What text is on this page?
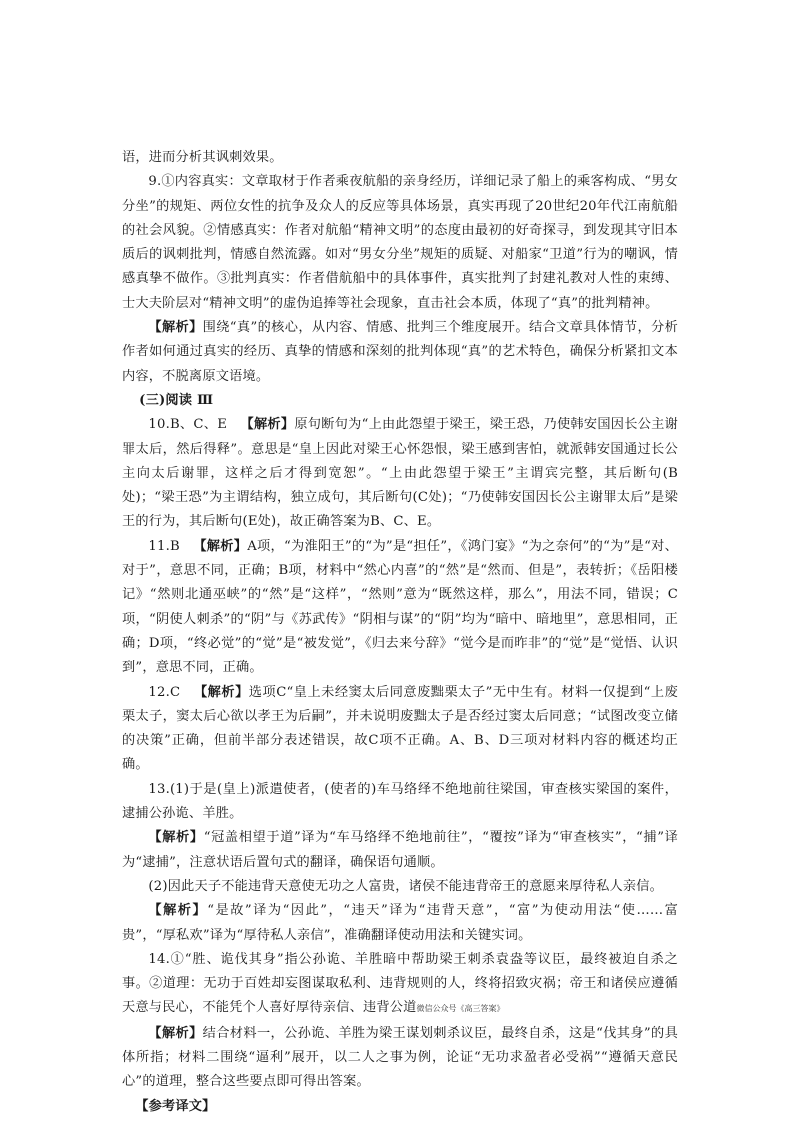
语，进而分析其讽刺效果。

9.①内容真实：文章取材于作者乘夜航船的亲身经历，详细记录了船上的乘客构成、“男女分坐”的规矩、两位女性的抗争及众人的反应等具体场景，真实再现了20世纪20年代江南航船的社会风貌。②情感真实：作者对航船“精神文明”的态度由最初的好奇探寻，到发现其守旧本质后的讽刺批判，情感自然流露。如对“男女分坐”规矩的质疑、对船家“卫道”行为的嘲讽，情感真挚不做作。③批判真实：作者借航船中的具体事件，真实批判了封建礼教对人性的束缚、士大夫阶层对“精神文明”的虚伪追捧等社会现象，直击社会本质，体现了“真”的批判精神。

【解析】围绕“真”的核心，从内容、情感、批判三个维度展开。结合文章具体情节，分析作者如何通过真实的经历、真挚的情感和深刻的批判体现“真”的艺术特色，确保分析紧扣文本内容，不脱离原文语境。

(三)阅读 Ⅲ

10.B、C、E  【解析】原句断句为“上由此怨望于梁王，梁王恐，乃使韩安国因长公主谢罪太后，然后得释”。意思是“皇上因此对梁王心怀怨恨，梁王感到害怕，就派韩安国通过长公主向太后谢罪，这样之后才得到宽恕”。“上由此怨望于梁王”主谓宾完整，其后断句(B处)；“梁王恐”为主谓结构，独立成句，其后断句(C处)；“乃使韩安国因长公主谢罪太后”是梁王的行为，其后断句(E处)，故正确答案为B、C、E。

11.B  【解析】A项，“为淮阳王”的“为”是“担任”，《鸿门宴》“为之奈何”的“为”是“对、对于”，意思不同，正确；B项，材料中“然心内喜”的“然”是“然而、但是”，表转折；《岳阳楼记》“然则北通巫峡”的“然”是“这样”，“然则”意为“既然这样，那么”，用法不同，错误；C项，“阴使人刺杀”的“阴”与《苏武传》“阴相与谋”的“阴”均为“暗中、暗地里”，意思相同，正确；D项，“终必觉”的“觉”是“被发觉”，《归去来兮辞》“觉今是而昨非”的“觉”是“觉悟、认识到”，意思不同，正确。

12.C  【解析】选项C“皇上未经窦太后同意废黜栗太子”无中生有。材料一仅提到“上废栗太子，窦太后心欲以孝王为后嗣”，并未说明废黜太子是否经过窦太后同意；“试图改变立储的决策”正确，但前半部分表述错误，故C项不正确。A、B、D三项对材料内容的概述均正确。

13.(1)于是(皇上)派遣使者，(使者的)车马络绎不绝地前往梁国，审查核实梁国的案件，逮捕公孙诡、羊胜。

【解析】“冠盖相望于道”译为“车马络绎不绝地前往”，“覆按”译为“审查核实”，“捕”译为“逮捕”，注意状语后置句式的翻译，确保语句通顺。

(2)因此天子不能违背天意使无功之人富贵，诸侯不能违背帝王的意愿来厚待私人亲信。

【解析】“是故”译为“因此”，“违天”译为“违背天意”，“富”为使动用法“使……富贵”，“厚私欢”译为“厚待私人亲信”，准确翻译使动用法和关键实词。

14.①“胜、诡伐其身”指公孙诡、羊胜暗中帮助梁王刺杀袁盎等议臣，最终被迫自杀之事。②道理：无功于百姓却妄图谋取私利、违背规则的人，终将招致灾祸；帝王和诸侯应遵循天意与民心，不能凭个人喜好厚待亲信、违背公道微信公众号《高三答案》

【解析】结合材料一，公孙诡、羊胜为梁王谋划刺杀议臣，最终自杀，这是“伐其身”的具体所指；材料二围绕“逼利”展开，以二人之事为例，论证“无功求盈者必受祸”“遵循天意民心”的道理，整合这些要点即可得出答案。

【参考译文】
